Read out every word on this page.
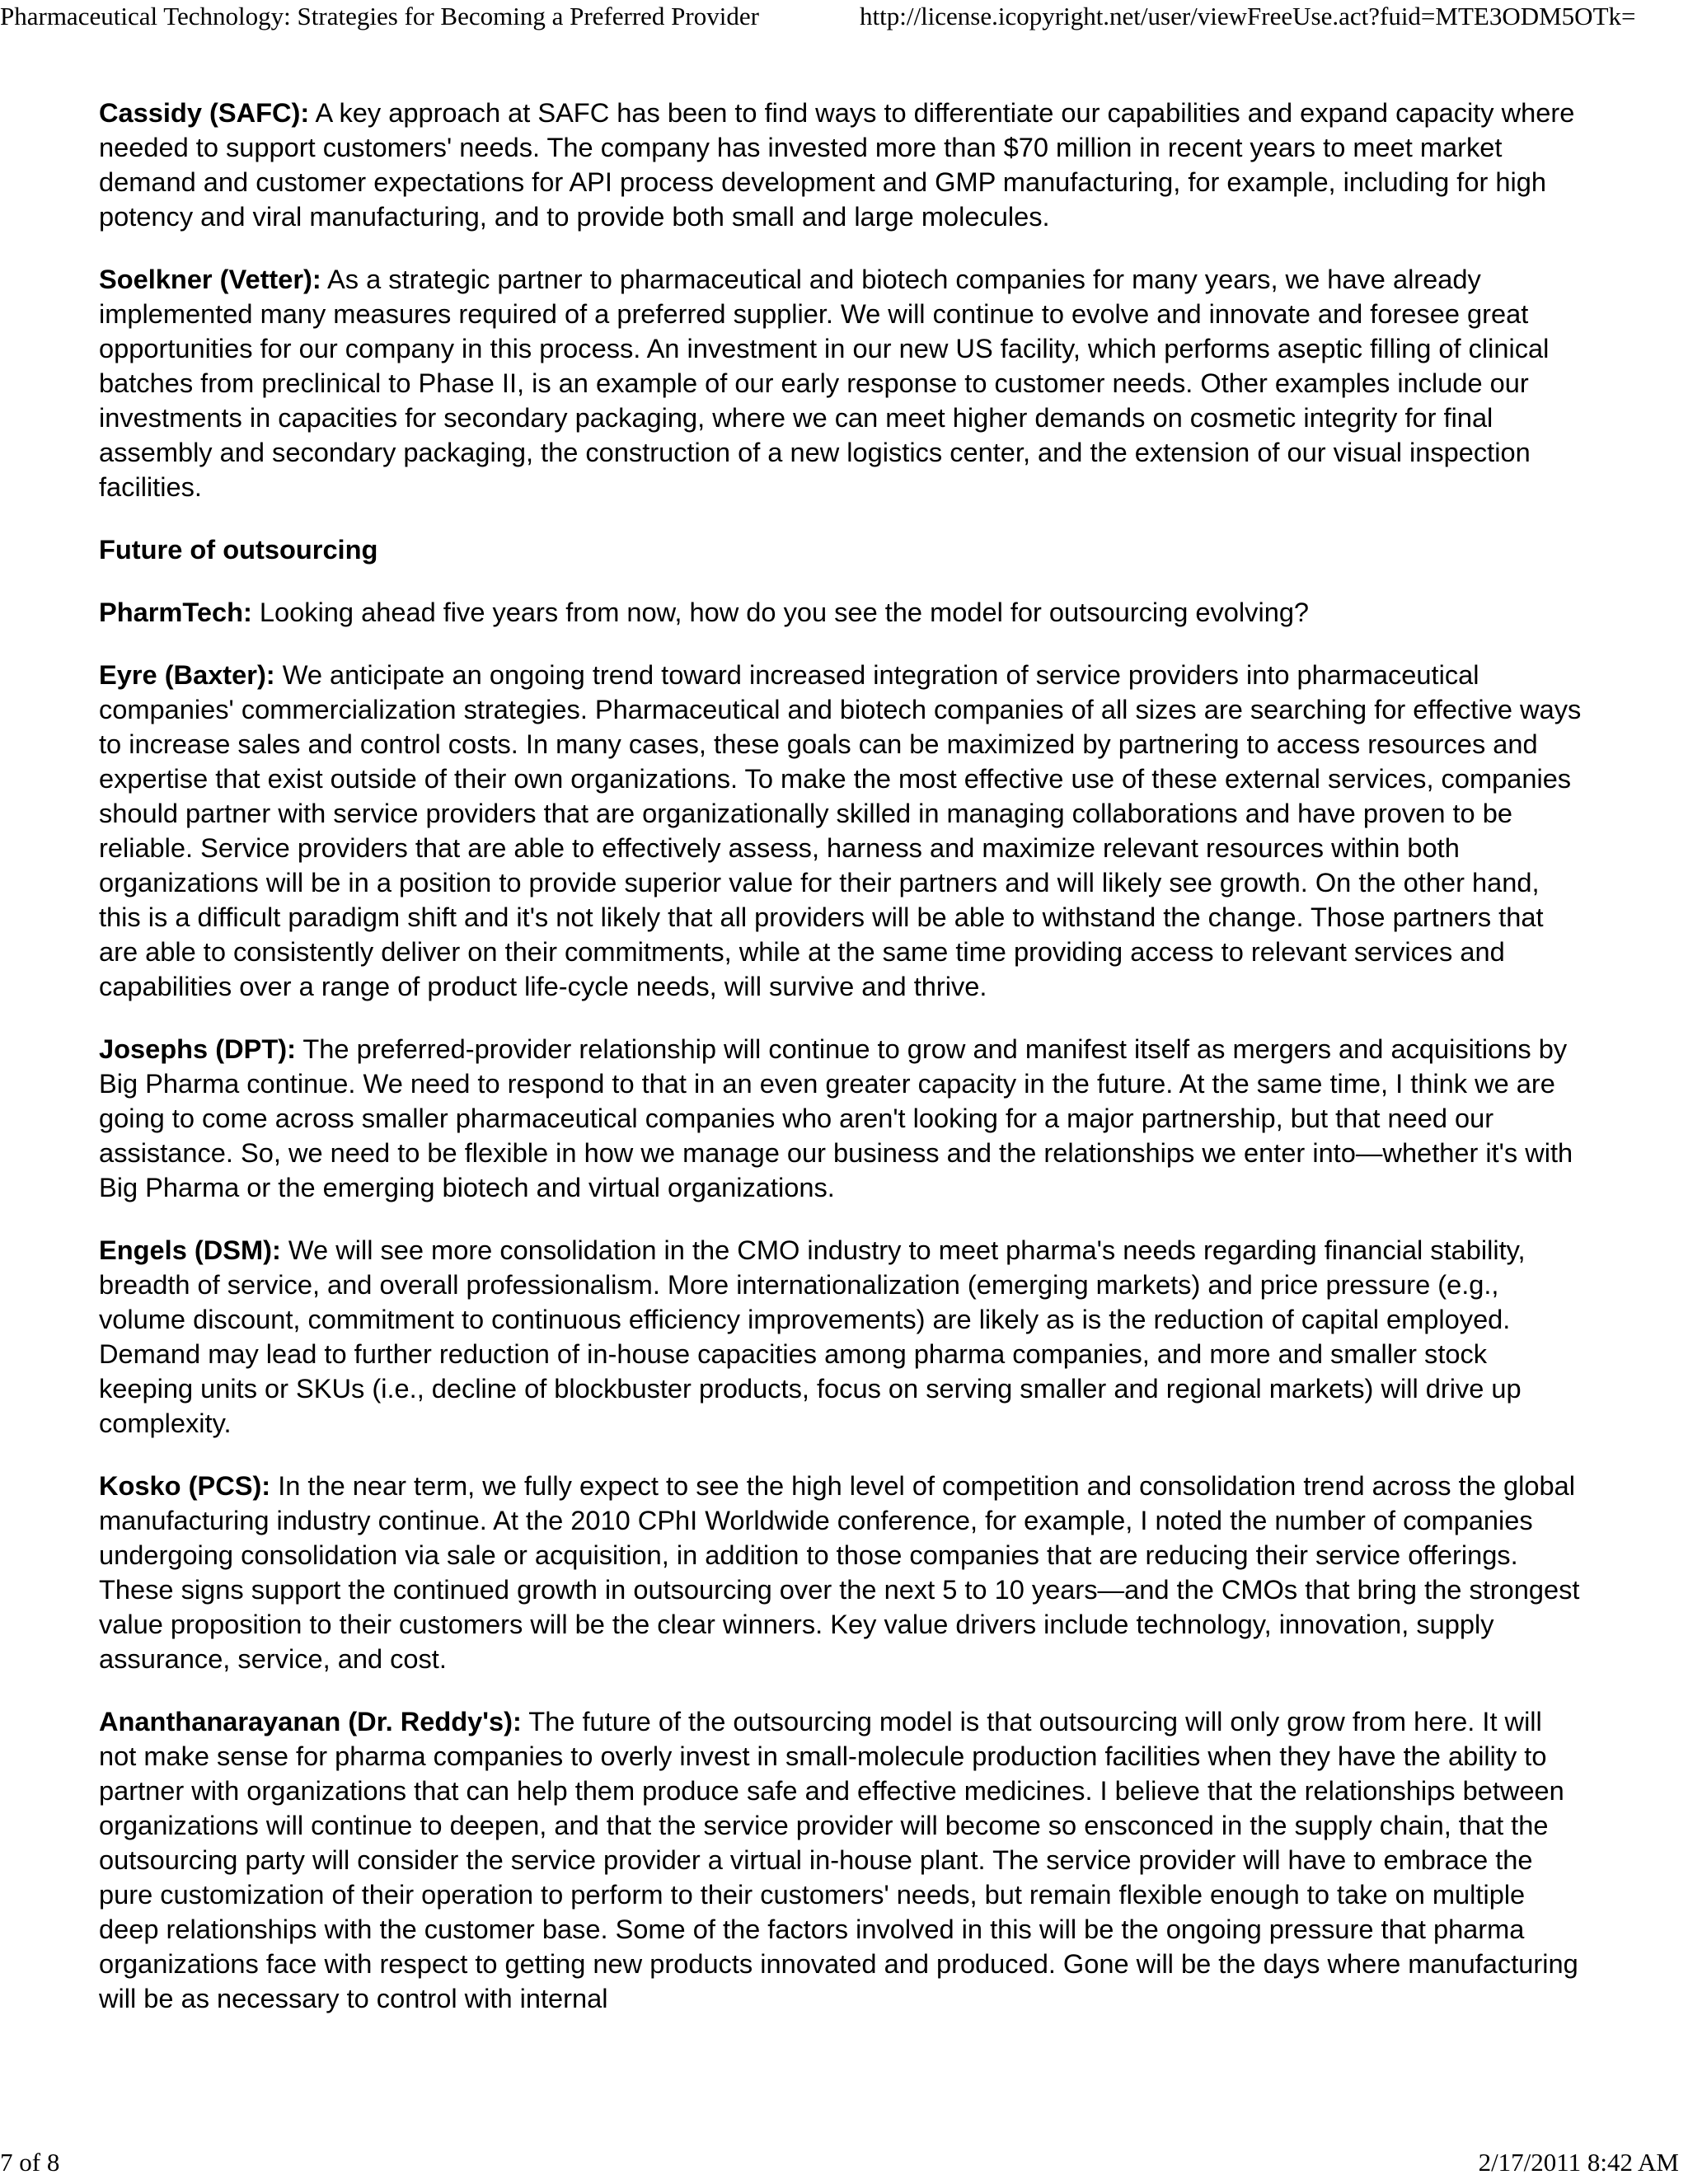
Pharmaceutical Technology: Strategies for Becoming a Preferred Provider	http://license.icopyright.net/user/viewFreeUse.act?fuid=MTE3ODM5OTk=

Cassidy (SAFC): A key approach at SAFC has been to find ways to differentiate our capabilities and expand capacity where needed to support customers' needs. The company has invested more than $70 million in recent years to meet market demand and customer expectations for API process development and GMP manufacturing, for example, including for high potency and viral manufacturing, and to provide both small and large molecules.

Soelkner (Vetter): As a strategic partner to pharmaceutical and biotech companies for many years, we have already implemented many measures required of a preferred supplier. We will continue to evolve and innovate and foresee great opportunities for our company in this process. An investment in our new US facility, which performs aseptic filling of clinical batches from preclinical to Phase II, is an example of our early response to customer needs. Other examples include our investments in capacities for secondary packaging, where we can meet higher demands on cosmetic integrity for final assembly and secondary packaging, the construction of a new logistics center, and the extension of our visual inspection facilities.

Future of outsourcing

PharmTech: Looking ahead five years from now, how do you see the model for outsourcing evolving?

Eyre (Baxter): We anticipate an ongoing trend toward increased integration of service providers into pharmaceutical companies' commercialization strategies. Pharmaceutical and biotech companies of all sizes are searching for effective ways to increase sales and control costs. In many cases, these goals can be maximized by partnering to access resources and expertise that exist outside of their own organizations. To make the most effective use of these external services, companies should partner with service providers that are organizationally skilled in managing collaborations and have proven to be reliable. Service providers that are able to effectively assess, harness and maximize relevant resources within both organizations will be in a position to provide superior value for their partners and will likely see growth. On the other hand, this is a difficult paradigm shift and it's not likely that all providers will be able to withstand the change. Those partners that are able to consistently deliver on their commitments, while at the same time providing access to relevant services and capabilities over a range of product life-cycle needs, will survive and thrive.

Josephs (DPT): The preferred-provider relationship will continue to grow and manifest itself as mergers and acquisitions by Big Pharma continue. We need to respond to that in an even greater capacity in the future. At the same time, I think we are going to come across smaller pharmaceutical companies who aren't looking for a major partnership, but that need our assistance. So, we need to be flexible in how we manage our business and the relationships we enter into—whether it's with Big Pharma or the emerging biotech and virtual organizations.

Engels (DSM): We will see more consolidation in the CMO industry to meet pharma's needs regarding financial stability, breadth of service, and overall professionalism. More internationalization (emerging markets) and price pressure (e.g., volume discount, commitment to continuous efficiency improvements) are likely as is the reduction of capital employed. Demand may lead to further reduction of in-house capacities among pharma companies, and more and smaller stock keeping units or SKUs (i.e., decline of blockbuster products, focus on serving smaller and regional markets) will drive up complexity.

Kosko (PCS): In the near term, we fully expect to see the high level of competition and consolidation trend across the global manufacturing industry continue. At the 2010 CPhI Worldwide conference, for example, I noted the number of companies undergoing consolidation via sale or acquisition, in addition to those companies that are reducing their service offerings. These signs support the continued growth in outsourcing over the next 5 to 10 years—and the CMOs that bring the strongest value proposition to their customers will be the clear winners. Key value drivers include technology, innovation, supply assurance, service, and cost.

Ananthanarayanan (Dr. Reddy's): The future of the outsourcing model is that outsourcing will only grow from here. It will not make sense for pharma companies to overly invest in small-molecule production facilities when they have the ability to partner with organizations that can help them produce safe and effective medicines. I believe that the relationships between organizations will continue to deepen, and that the service provider will become so ensconced in the supply chain, that the outsourcing party will consider the service provider a virtual in-house plant. The service provider will have to embrace the pure customization of their operation to perform to their customers' needs, but remain flexible enough to take on multiple deep relationships with the customer base. Some of the factors involved in this will be the ongoing pressure that pharma organizations face with respect to getting new products innovated and produced. Gone will be the days where manufacturing will be as necessary to control with internal

7 of 8	2/17/2011 8:42 AM
